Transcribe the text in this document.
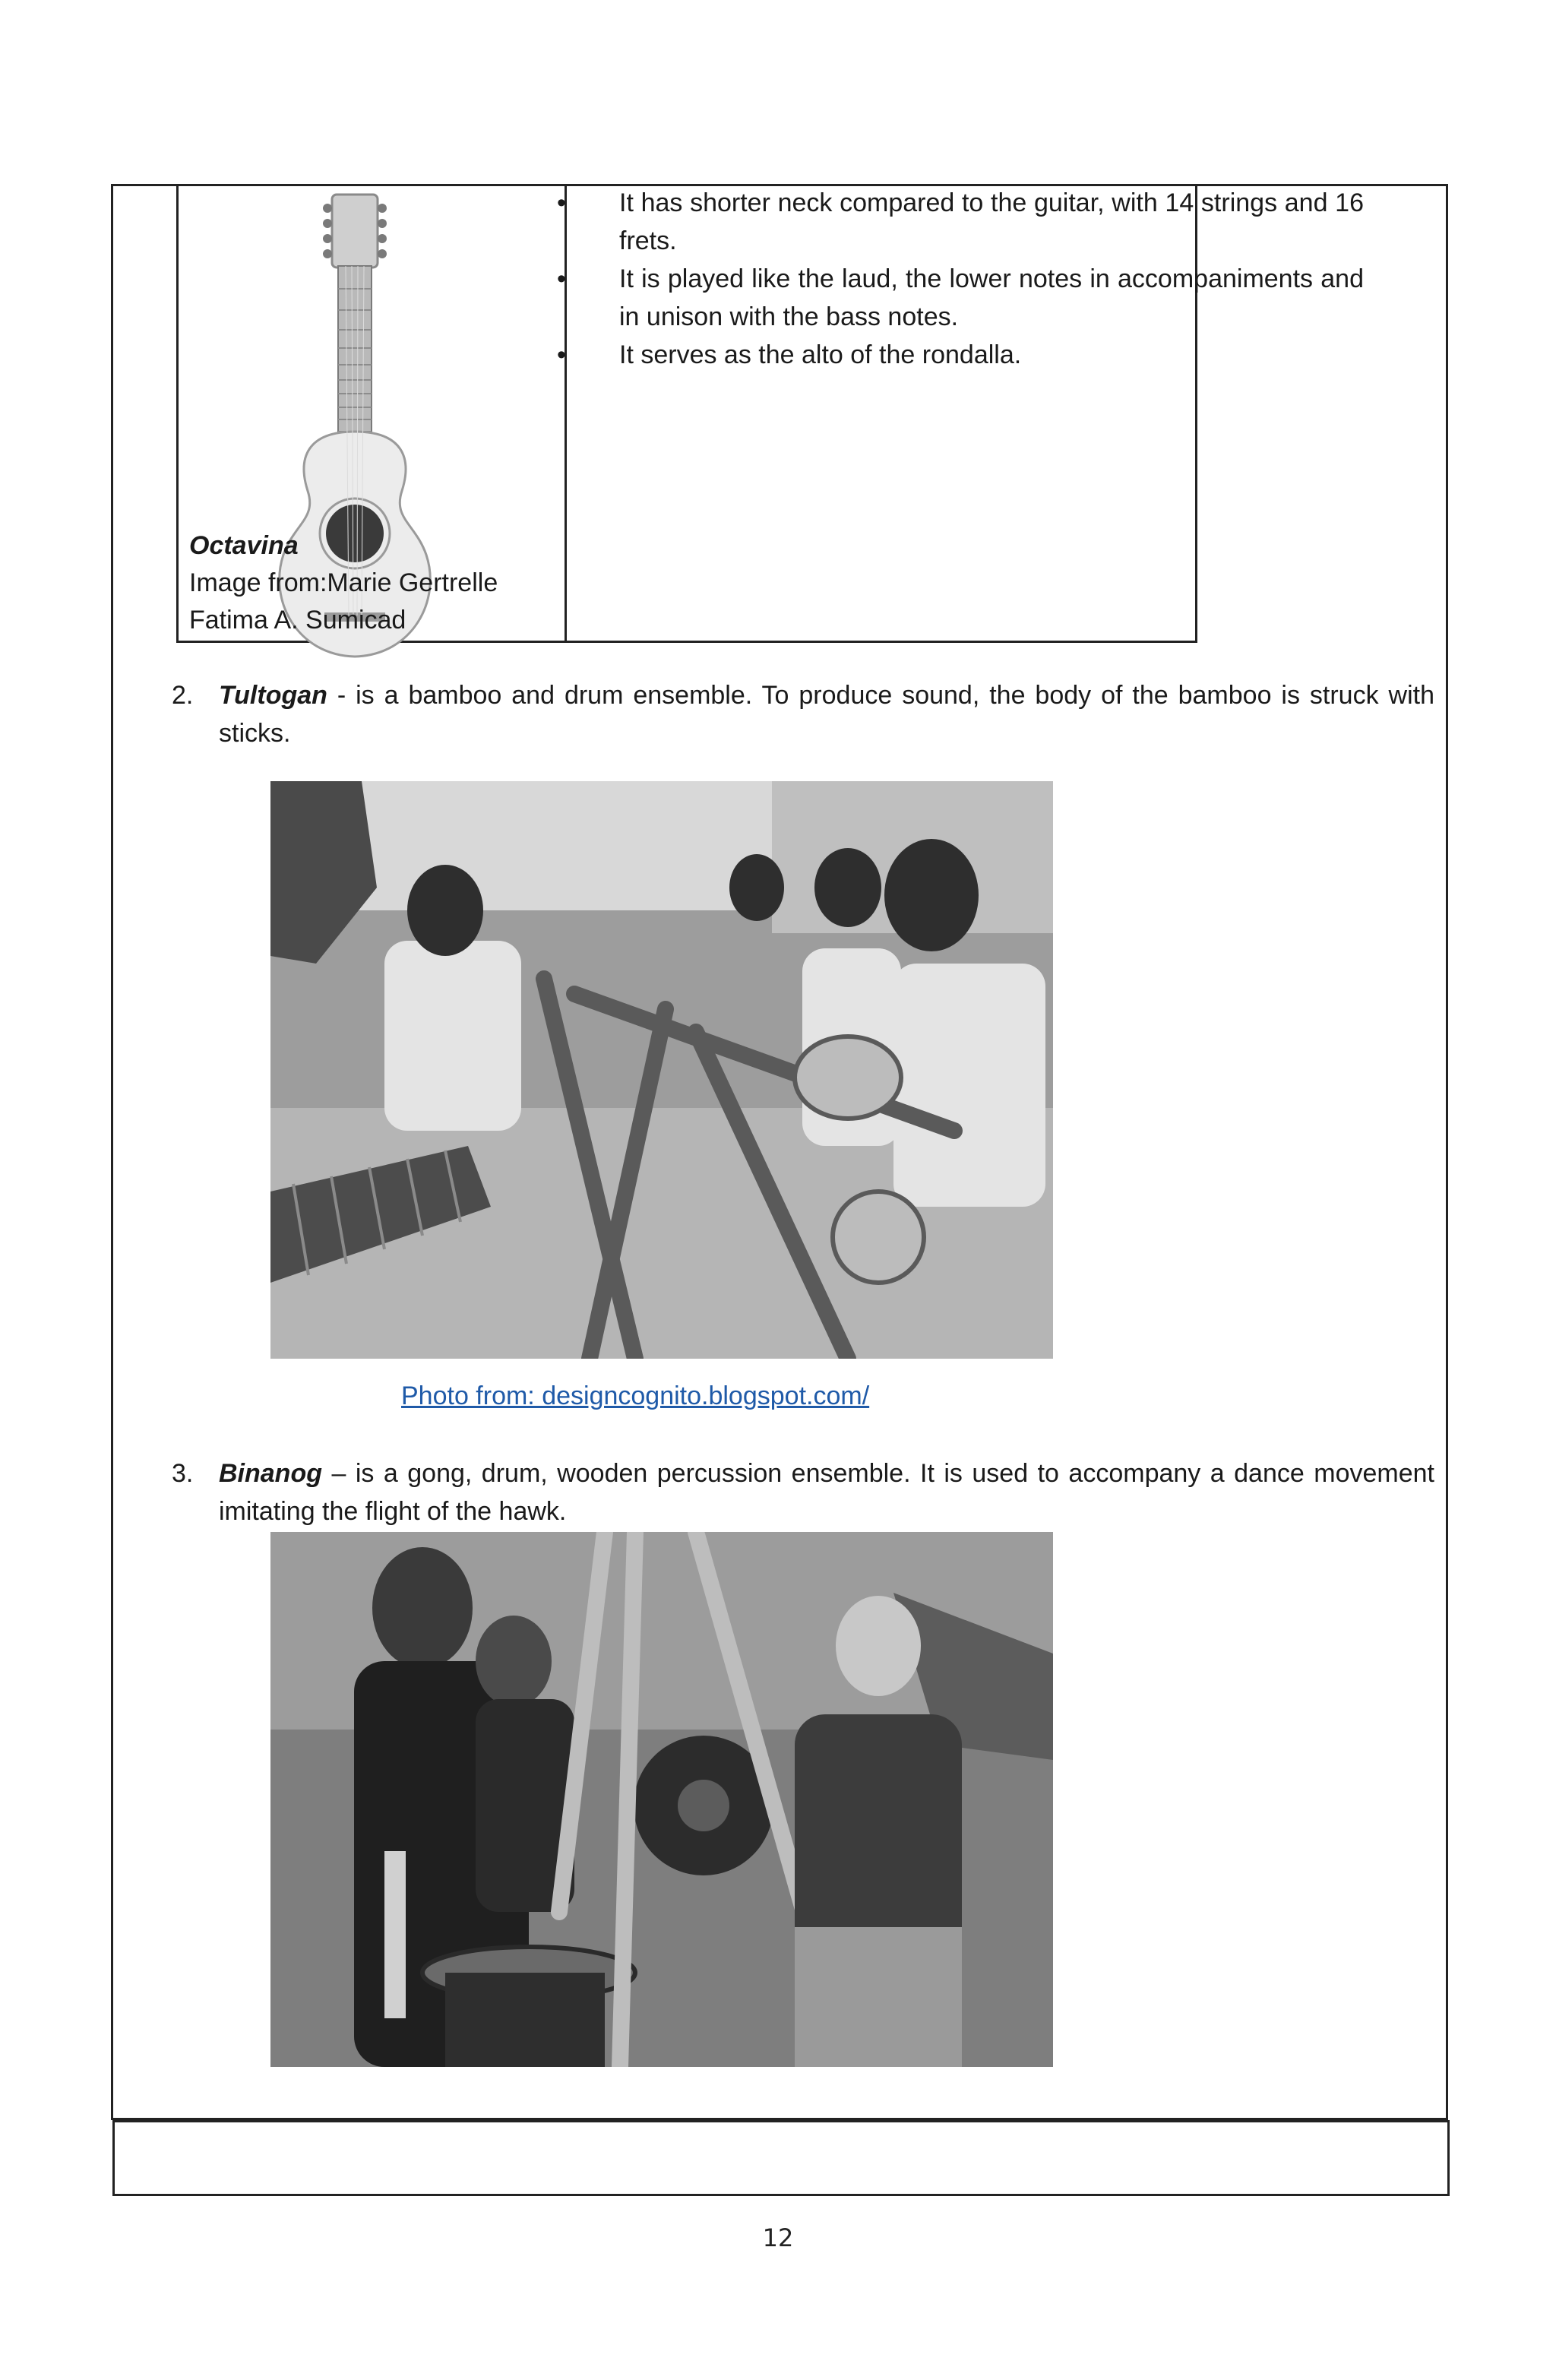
Octavina
Image from:Marie Gertrelle
Fatima A. Sumicad
• It has shorter neck compared to the guitar, with 14 strings and 16 frets.
• It is played like the laud, the lower notes in accompaniments and in unison with the bass notes.
• It serves as the alto of the rondalla.
2. Tultogan - is a bamboo and drum ensemble. To produce sound, the body of the bamboo is struck with sticks.
Photo from: designcognito.blogspot.com/
3. Binanog – is a gong, drum, wooden percussion ensemble. It is used to accompany a dance movement imitating the flight of the hawk.
12
